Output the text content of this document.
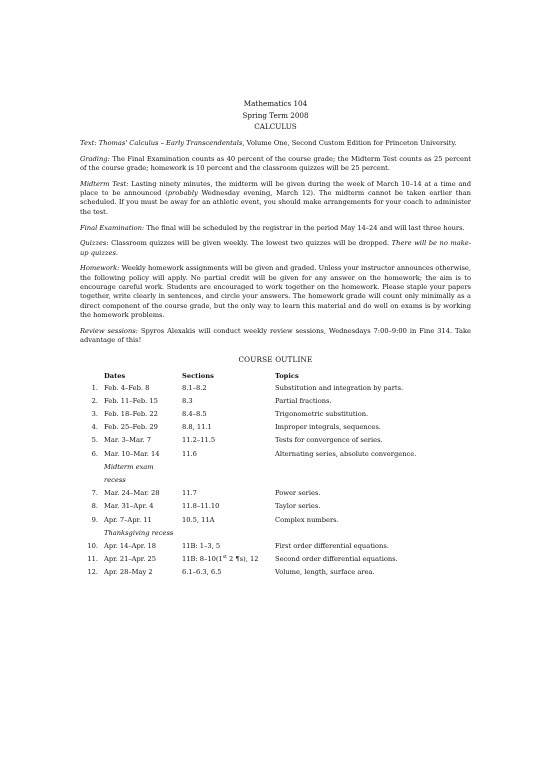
Mathematics 104
Spring Term 2008
CALCULUS

Text: Thomas' Calculus – Early Transcendentals, Volume One, Second Custom Edition for Princeton University.

Grading: The Final Examination counts as 40 percent of the course grade; the Midterm Test counts as 25 percent of the course grade; homework is 10 percent and the classroom quizzes will be 25 percent.

Midterm Test: Lasting ninety minutes, the midterm will be given during the week of March 10–14 at a time and place to be announced (probably Wednesday evening, March 12). The midterm cannot be taken earlier than scheduled. If you must be away for an athletic event, you should make arrangements for your coach to administer the test.

Final Examination: The final will be scheduled by the registrar in the period May 14–24 and will last three hours.

Quizzes: Classroom quizzes will be given weekly. The lowest two quizzes will be dropped. There will be no make-up quizzes.

Homework: Weekly homework assignments will be given and graded. Unless your instructor announces otherwise, the following policy will apply. No partial credit will be given for any answer on the homework; the aim is to encourage careful work. Students are encouraged to work together on the homework. Please staple your papers together, write clearly in sentences, and circle your answers. The homework grade will count only minimally as a direct component of the course grade, but the only way to learn this material and do well on exams is by working the homework problems.

Review sessions: Spyros Alexakis will conduct weekly review sessions, Wednesdays 7:00–9:00 in Fine 314. Take advantage of this!

COURSE OUTLINE
Dates	Sections	Topics
1. Feb. 4–Feb. 8	8.1–8.2	Substitution and integration by parts.
2. Feb. 11–Feb. 15	8.3	Partial fractions.
3. Feb. 18–Feb. 22	8.4–8.5	Trigonometric substitution.
4. Feb. 25–Feb. 29	8.8, 11.1	Improper integrals, sequences.
5. Mar. 3–Mar. 7	11.2–11.5	Tests for convergence of series.
6. Mar. 10–Mar. 14	11.6	Alternating series, absolute convergence.
Midterm exam
recess
7. Mar. 24–Mar. 28	11.7	Power series.
8. Mar. 31–Apr. 4	11.8–11.10	Taylor series.
9. Apr. 7–Apr. 11	10.5, 11A	Complex numbers.
Thanksgiving recess
10. Apr. 14–Apr. 18	11B: 1–3, 5	First order differential equations.
11. Apr. 21–Apr. 25	11B: 8–10(1st 2 ¶s), 12	Second order differential equations.
12. Apr. 28–May 2	6.1–6.3, 6.5	Volume, length, surface area.
